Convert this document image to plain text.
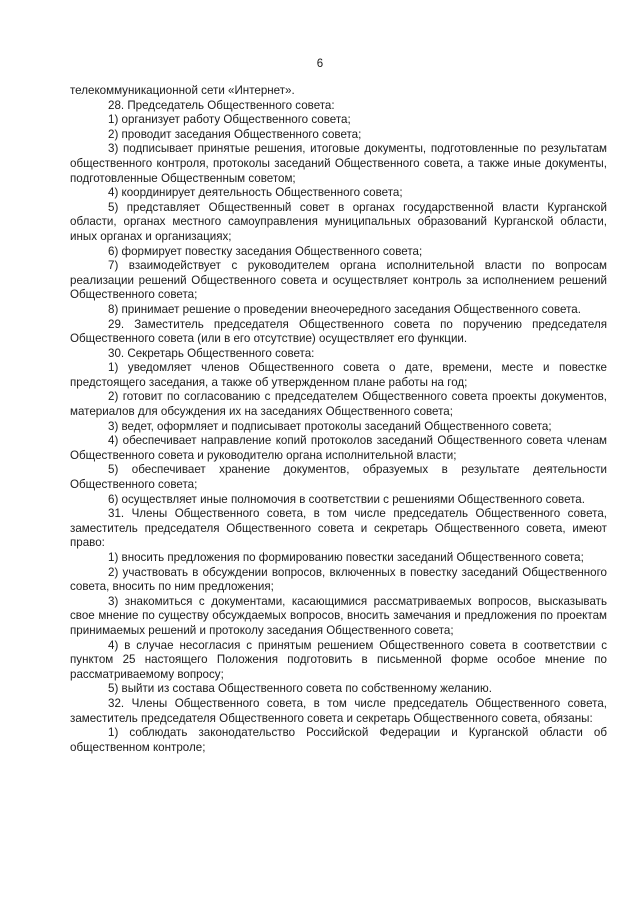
6

телекоммуникационной сети «Интернет».

28. Председатель Общественного совета:

1) организует работу Общественного совета;

2) проводит заседания Общественного совета;

3) подписывает принятые решения, итоговые документы, подготовленные по результатам общественного контроля, протоколы заседаний Общественного совета, а также иные документы, подготовленные Общественным советом;

4) координирует деятельность Общественного совета;

5) представляет Общественный совет в органах государственной власти Курганской области, органах местного самоуправления муниципальных образований Курганской области, иных органах и организациях;

6) формирует повестку заседания Общественного совета;

7) взаимодействует с руководителем органа исполнительной власти по вопросам реализации решений Общественного совета и осуществляет контроль за исполнением решений Общественного совета;

8) принимает решение о проведении внеочередного заседания Общественного совета.

29. Заместитель председателя Общественного совета по поручению председателя Общественного совета (или в его отсутствие) осуществляет его функции.

30. Секретарь Общественного совета:

1) уведомляет членов Общественного совета о дате, времени, месте и повестке предстоящего заседания, а также об утвержденном плане работы на год;

2) готовит по согласованию с председателем Общественного совета проекты документов, материалов для обсуждения их на заседаниях Общественного совета;

3) ведет, оформляет и подписывает протоколы заседаний Общественного совета;

4) обеспечивает направление копий протоколов заседаний Общественного совета членам Общественного совета и руководителю органа исполнительной власти;

5) обеспечивает хранение документов, образуемых в результате деятельности Общественного совета;

6) осуществляет иные полномочия в соответствии с решениями Общественного совета.

31. Члены Общественного совета, в том числе председатель Общественного совета, заместитель председателя Общественного совета и секретарь Общественного совета, имеют право:

1) вносить предложения по формированию повестки заседаний Общественного совета;

2) участвовать в обсуждении вопросов, включенных в повестку заседаний Общественного совета, вносить по ним предложения;

3) знакомиться с документами, касающимися рассматриваемых вопросов, высказывать свое мнение по существу обсуждаемых вопросов, вносить замечания и предложения по проектам принимаемых решений и протоколу заседания Общественного совета;

4) в случае несогласия с принятым решением Общественного совета в соответствии с пунктом 25 настоящего Положения подготовить в письменной форме особое мнение по рассматриваемому вопросу;

5) выйти из состава Общественного совета по собственному желанию.

32. Члены Общественного совета, в том числе председатель Общественного совета, заместитель председателя Общественного совета и секретарь Общественного совета, обязаны:

1) соблюдать законодательство Российской Федерации и Курганской области об общественном контроле;
